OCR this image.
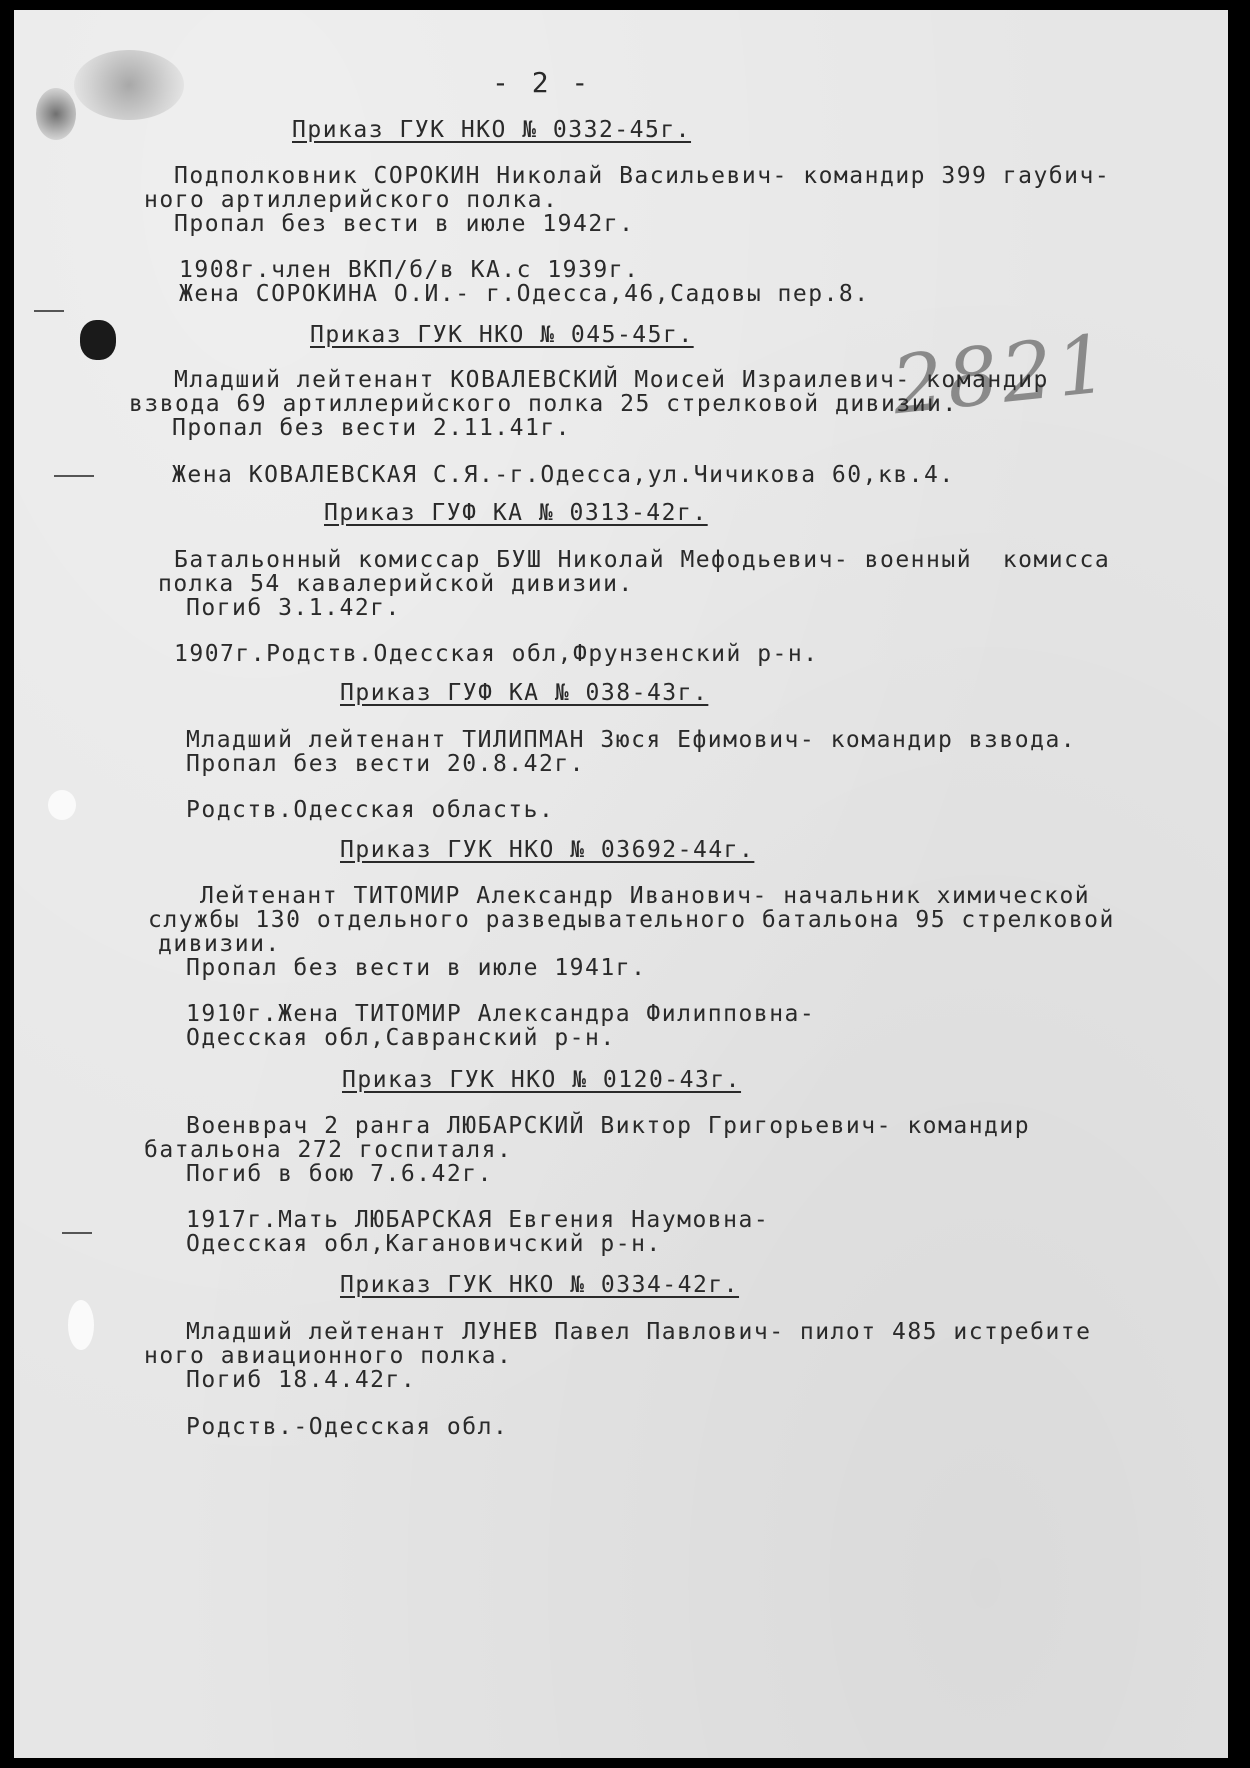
- 2 -
2821
Приказ ГУК НКО № 0332-45г.
Подполковник СОРОКИН Николай Васильевич- командир 399 гаубич-
ного артиллерийского полка.
Пропал без вести в июле 1942г.
1908г.член ВКП/б/в КА.с 1939г.
Жена СОРОКИНА О.И.- г.Одесса,46,Садовы пер.8.
Приказ ГУК НКО № 045-45г.
Младший лейтенант КОВАЛЕВСКИЙ Моисей Израилевич- командир
взвода 69 артиллерийского полка 25 стрелковой дивизии.
Пропал без вести 2.11.41г.
Жена КОВАЛЕВСКАЯ С.Я.-г.Одесса,ул.Чичикова 60,кв.4.
Приказ ГУФ КА № 0313-42г.
Батальонный комиссар БУШ Николай Мефодьевич- военный  комисса
полка 54 кавалерийской дивизии.
Погиб 3.1.42г.
1907г.Родств.Одесская обл,Фрунзенский р-н.
Приказ ГУФ КА № 038-43г.
Младший лейтенант ТИЛИПМАН Зюся Ефимович- командир взвода.
Пропал без вести 20.8.42г.
Родств.Одесская область.
Приказ ГУК НКО № 03692-44г.
Лейтенант ТИТОМИР Александр Иванович- начальник химической
службы 130 отдельного разведывательного батальона 95 стрелковой
дивизии.
Пропал без вести в июле 1941г.
1910г.Жена ТИТОМИР Александра Филипповна-
Одесская обл,Савранский р-н.
Приказ ГУК НКО № 0120-43г.
Военврач 2 ранга ЛЮБАРСКИЙ Виктор Григорьевич- командир
батальона 272 госпиталя.
Погиб в бою 7.6.42г.
1917г.Мать ЛЮБАРСКАЯ Евгения Наумовна-
Одесская обл,Кагановичский р-н.
Приказ ГУК НКО № 0334-42г.
Младший лейтенант ЛУНЕВ Павел Павлович- пилот 485 истребите
ного авиационного полка.
Погиб 18.4.42г.
Родств.-Одесская обл.
